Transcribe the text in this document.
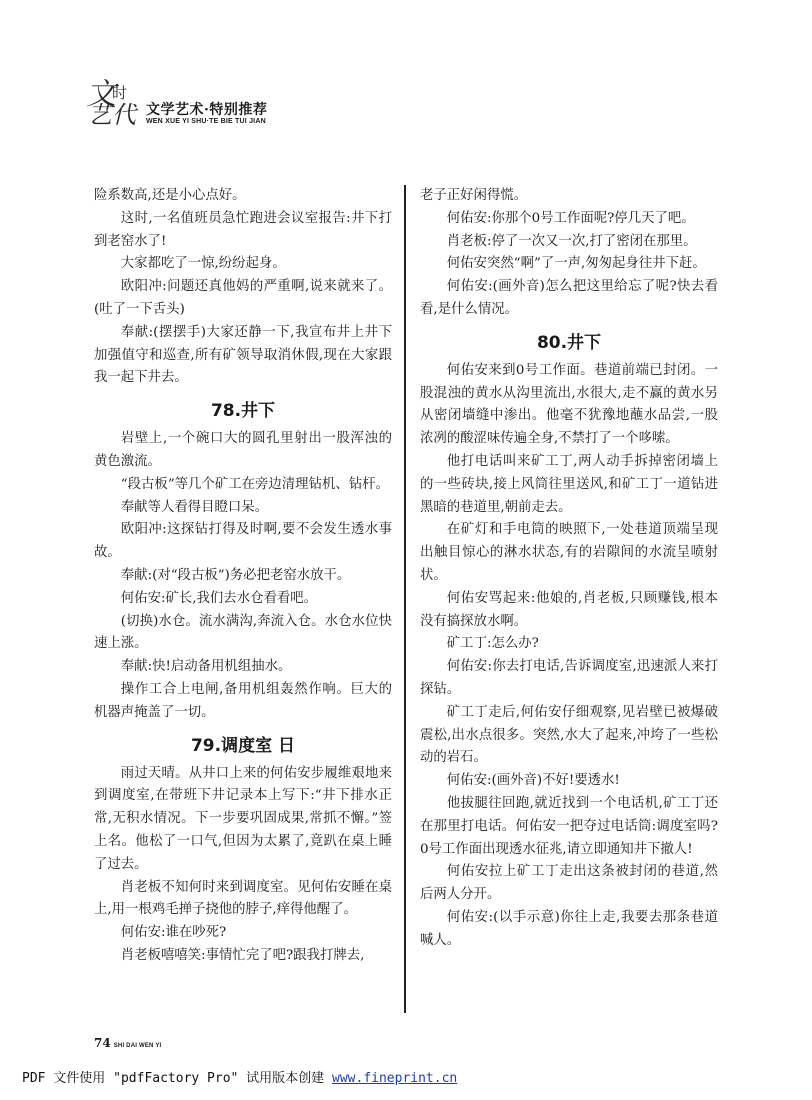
文
时
艺代 文学艺术·特别推荐
WEN XUE YI SHU·TE BIE TUI JIAN

险系数高,还是小心点好。

这时,一名值班员急忙跑进会议室报告:井下打到老窑水了!

大家都吃了一惊,纷纷起身。

欧阳冲:问题还真他妈的严重啊,说来就来了。(吐了一下舌头)

奉献:(摆摆手)大家还静一下,我宣布井上井下加强值守和巡查,所有矿领导取消休假,现在大家跟我一起下井去。

78.井下

岩壁上,一个碗口大的圆孔里射出一股浑浊的黄色激流。

“段古板”等几个矿工在旁边清理钻机、钻杆。

奉献等人看得目瞪口呆。

欧阳冲:这探钻打得及时啊,要不会发生透水事故。

奉献:(对“段古板”)务必把老窑水放干。

何佑安:矿长,我们去水仓看看吧。

(切换)水仓。流水满沟,奔流入仓。水仓水位快速上涨。

奉献:快!启动备用机组抽水。

操作工合上电闸,备用机组轰然作响。巨大的机器声掩盖了一切。

79.调度室 日

雨过天晴。从井口上来的何佑安步履维艰地来到调度室,在带班下井记录本上写下:“井下排水正常,无积水情况。下一步要巩固成果,常抓不懈。”签上名。他松了一口气,但因为太累了,竟趴在桌上睡了过去。

肖老板不知何时来到调度室。见何佑安睡在桌上,用一根鸡毛掸子挠他的脖子,痒得他醒了。

何佑安:谁在吵死?

肖老板嘻嘻笑:事情忙完了吧?跟我打牌去,

老子正好闲得慌。

何佑安:你那个0号工作面呢?停几天了吧。

肖老板:停了一次又一次,打了密闭在那里。

何佑安突然“啊”了一声,匆匆起身往井下赶。

何佑安:(画外音)怎么把这里给忘了呢?快去看看,是什么情况。

80.井下

何佑安来到0号工作面。巷道前端已封闭。一股混浊的黄水从沟里流出,水很大,走不赢的黄水另从密闭墙缝中渗出。他毫不犹豫地蘸水品尝,一股浓冽的酸涩味传遍全身,不禁打了一个哆嗦。

他打电话叫来矿工丁,两人动手拆掉密闭墙上的一些砖块,接上风筒往里送风,和矿工丁一道钻进黑暗的巷道里,朝前走去。

在矿灯和手电筒的映照下,一处巷道顶端呈现出触目惊心的淋水状态,有的岩隙间的水流呈喷射状。

何佑安骂起来:他娘的,肖老板,只顾赚钱,根本没有搞探放水啊。

矿工丁:怎么办?

何佑安:你去打电话,告诉调度室,迅速派人来打探钻。

矿工丁走后,何佑安仔细观察,见岩壁已被爆破震松,出水点很多。突然,水大了起来,冲垮了一些松动的岩石。

何佑安:(画外音)不好!要透水!

他拔腿往回跑,就近找到一个电话机,矿工丁还在那里打电话。何佑安一把夺过电话筒:调度室吗?0号工作面出现透水征兆,请立即通知井下撤人!

何佑安拉上矿工丁走出这条被封闭的巷道,然后两人分开。

何佑安:(以手示意)你往上走,我要去那条巷道喊人。

74 SHI DAI WEN YI
PDF 文件使用 "pdfFactory Pro" 试用版本创建 www.fineprint.cn
